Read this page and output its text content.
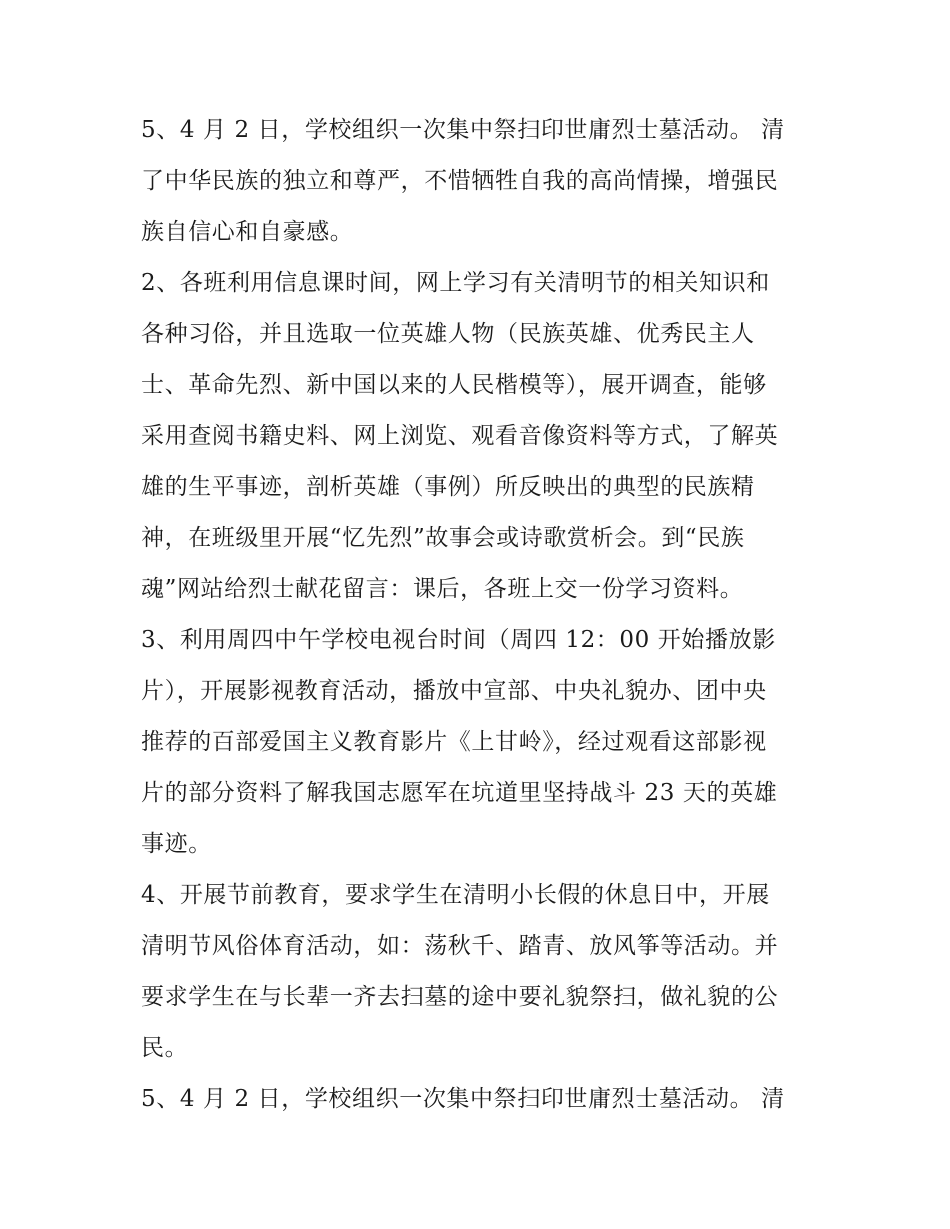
5、4 月 2 日，学校组织一次集中祭扫印世庸烈士墓活动。 清
了中华民族的独立和尊严，不惜牺牲自我的高尚情操，增强民
族自信心和自豪感。
2、各班利用信息课时间，网上学习有关清明节的相关知识和
各种习俗，并且选取一位英雄人物（民族英雄、优秀民主人
士、革命先烈、新中国以来的人民楷模等），展开调查，能够
采用查阅书籍史料、网上浏览、观看音像资料等方式，了解英
雄的生平事迹，剖析英雄（事例）所反映出的典型的民族精
神，在班级里开展“忆先烈”故事会或诗歌赏析会。到“民族
魂”网站给烈士献花留言：课后，各班上交一份学习资料。
3、利用周四中午学校电视台时间（周四 12：00 开始播放影
片），开展影视教育活动，播放中宣部、中央礼貌办、团中央
推荐的百部爱国主义教育影片《上甘岭》，经过观看这部影视
片的部分资料了解我国志愿军在坑道里坚持战斗 23 天的英雄
事迹。
4、开展节前教育，要求学生在清明小长假的休息日中，开展
清明节风俗体育活动，如：荡秋千、踏青、放风筝等活动。并
要求学生在与长辈一齐去扫墓的途中要礼貌祭扫，做礼貌的公
民。
5、4 月 2 日，学校组织一次集中祭扫印世庸烈士墓活动。 清
